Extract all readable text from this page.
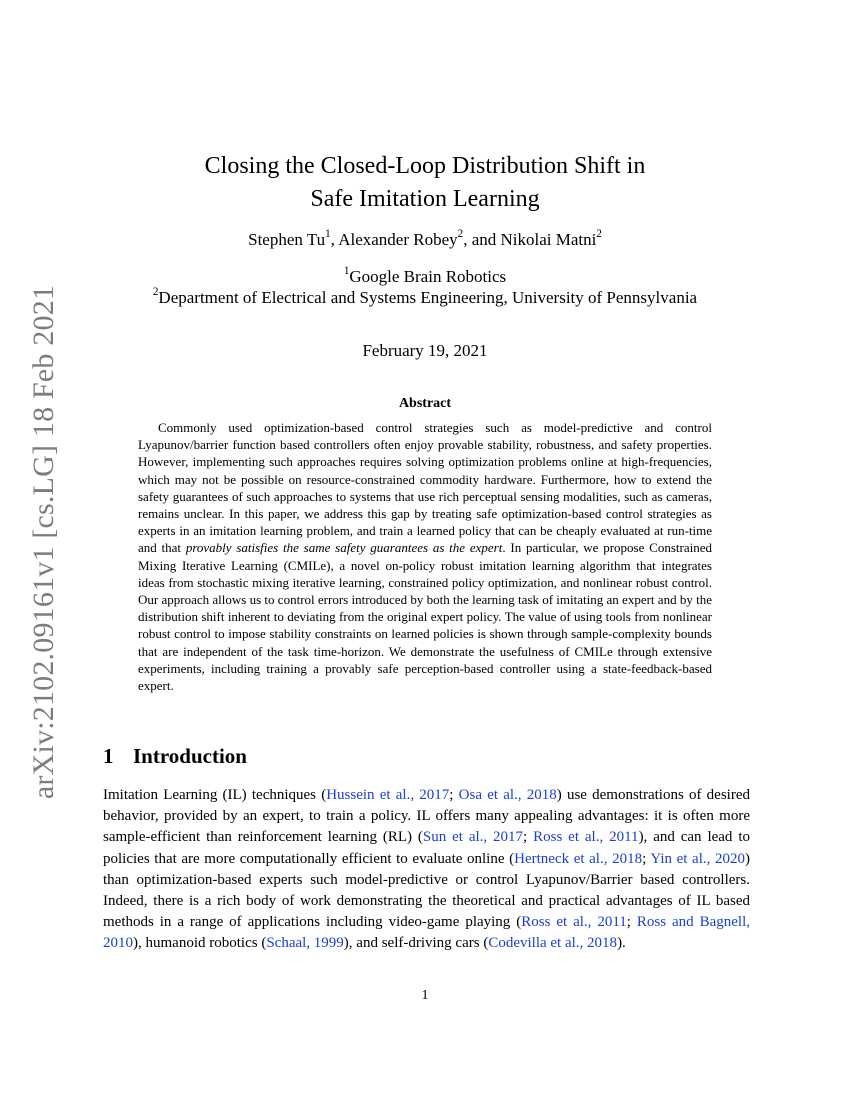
arXiv:2102.09161v1 [cs.LG] 18 Feb 2021
Closing the Closed-Loop Distribution Shift in
Safe Imitation Learning
Stephen Tu$^1$, Alexander Robey$^2$, and Nikolai Matni$^2$
$^1$Google Brain Robotics
$^2$Department of Electrical and Systems Engineering, University of Pennsylvania
February 19, 2021
Abstract

Commonly used optimization-based control strategies such as model-predictive and control Lyapunov/barrier function based controllers often enjoy provable stability, robustness, and safety properties. However, implementing such approaches requires solving optimization problems online at high-frequencies, which may not be possible on resource-constrained commodity hardware. Furthermore, how to extend the safety guarantees of such approaches to systems that use rich perceptual sensing modalities, such as cameras, remains unclear. In this paper, we address this gap by treating safe optimization-based control strategies as experts in an imitation learning problem, and train a learned policy that can be cheaply evaluated at run-time and that provably satisfies the same safety guarantees as the expert. In particular, we propose Constrained Mixing Iterative Learning (CMILe), a novel on-policy robust imitation learning algorithm that integrates ideas from stochastic mixing iterative learning, constrained policy optimization, and nonlinear robust control. Our approach allows us to control errors introduced by both the learning task of imitating an expert and by the distribution shift inherent to deviating from the original expert policy. The value of using tools from nonlinear robust control to impose stability constraints on learned policies is shown through sample-complexity bounds that are independent of the task time-horizon. We demonstrate the usefulness of CMILe through extensive experiments, including training a provably safe perception-based controller using a state-feedback-based expert.

1 Introduction

Imitation Learning (IL) techniques (Hussein et al., 2017; Osa et al., 2018) use demonstrations of desired behavior, provided by an expert, to train a policy. IL offers many appealing advantages: it is often more sample-efficient than reinforcement learning (RL) (Sun et al., 2017; Ross et al., 2011), and can lead to policies that are more computationally efficient to evaluate online (Hertneck et al., 2018; Yin et al., 2020) than optimization-based experts such model-predictive or control Lyapunov/Barrier based controllers. Indeed, there is a rich body of work demonstrating the theoretical and practical advantages of IL based methods in a range of applications including video-game playing (Ross et al., 2011; Ross and Bagnell, 2010), humanoid robotics (Schaal, 1999), and self-driving cars (Codevilla et al., 2018).

1
